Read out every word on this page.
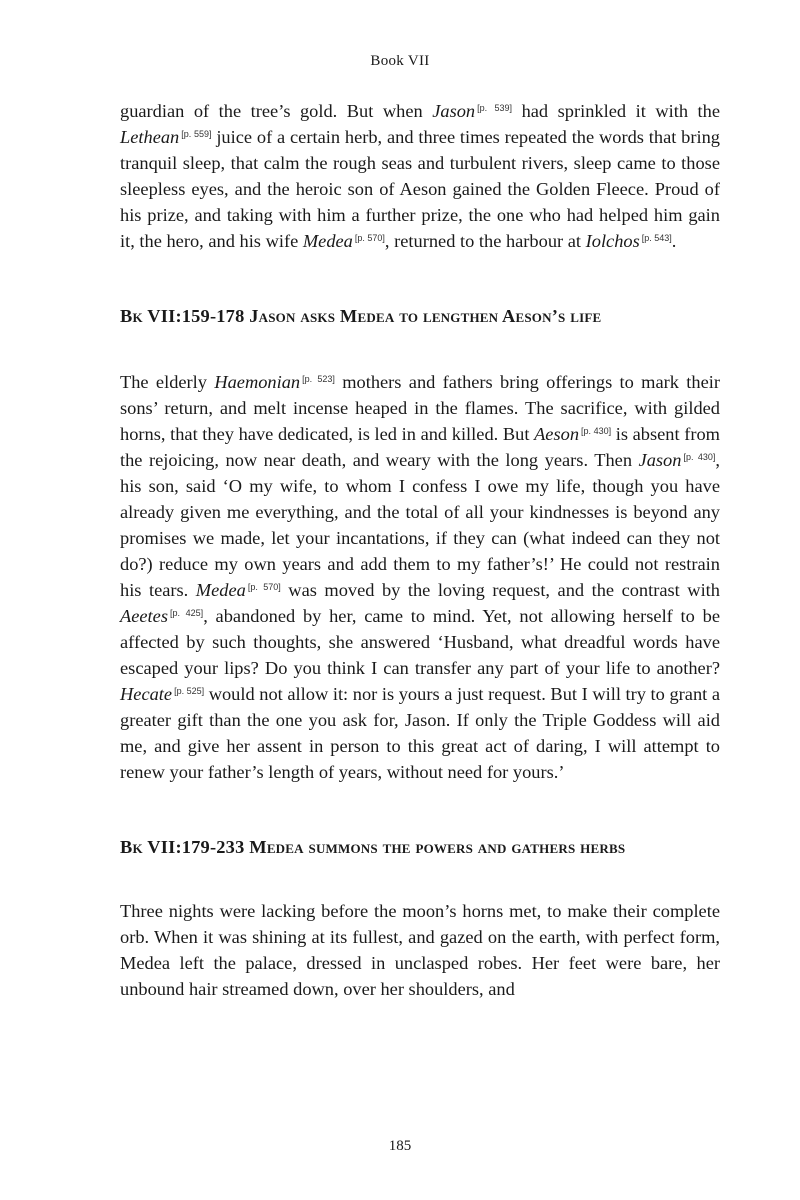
Book VII

guardian of the tree’s gold. But when Jason [p. 539] had sprinkled it with the Lethean [p. 559] juice of a certain herb, and three times repeated the words that bring tranquil sleep, that calm the rough seas and turbulent rivers, sleep came to those sleepless eyes, and the heroic son of Aeson gained the Golden Fleece. Proud of his prize, and taking with him a further prize, the one who had helped him gain it, the hero, and his wife Medea [p. 570], returned to the harbour at Iolchos [p. 543].

Bk VII:159-178 Jason asks Medea to lengthen Aeson’s life

The elderly Haemonian [p. 523] mothers and fathers bring offerings to mark their sons’ return, and melt incense heaped in the flames. The sacrifice, with gilded horns, that they have dedicated, is led in and killed. But Aeson [p. 430] is absent from the rejoicing, now near death, and weary with the long years. Then Jason [p. 430], his son, said ‘O my wife, to whom I confess I owe my life, though you have already given me everything, and the total of all your kindnesses is beyond any promises we made, let your incantations, if they can (what indeed can they not do?) reduce my own years and add them to my father’s!’ He could not restrain his tears. Medea [p. 570] was moved by the loving request, and the contrast with Aeetes [p. 425], abandoned by her, came to mind. Yet, not allowing herself to be affected by such thoughts, she answered ‘Husband, what dreadful words have escaped your lips? Do you think I can transfer any part of your life to another? Hecate [p. 525] would not allow it: nor is yours a just request. But I will try to grant a greater gift than the one you ask for, Jason. If only the Triple Goddess will aid me, and give her assent in person to this great act of daring, I will attempt to renew your father’s length of years, without need for yours.’

Bk VII:179-233 Medea summons the powers and gathers herbs

Three nights were lacking before the moon’s horns met, to make their complete orb. When it was shining at its fullest, and gazed on the earth, with perfect form, Medea left the palace, dressed in unclasped robes. Her feet were bare, her unbound hair streamed down, over her shoulders, and

185
